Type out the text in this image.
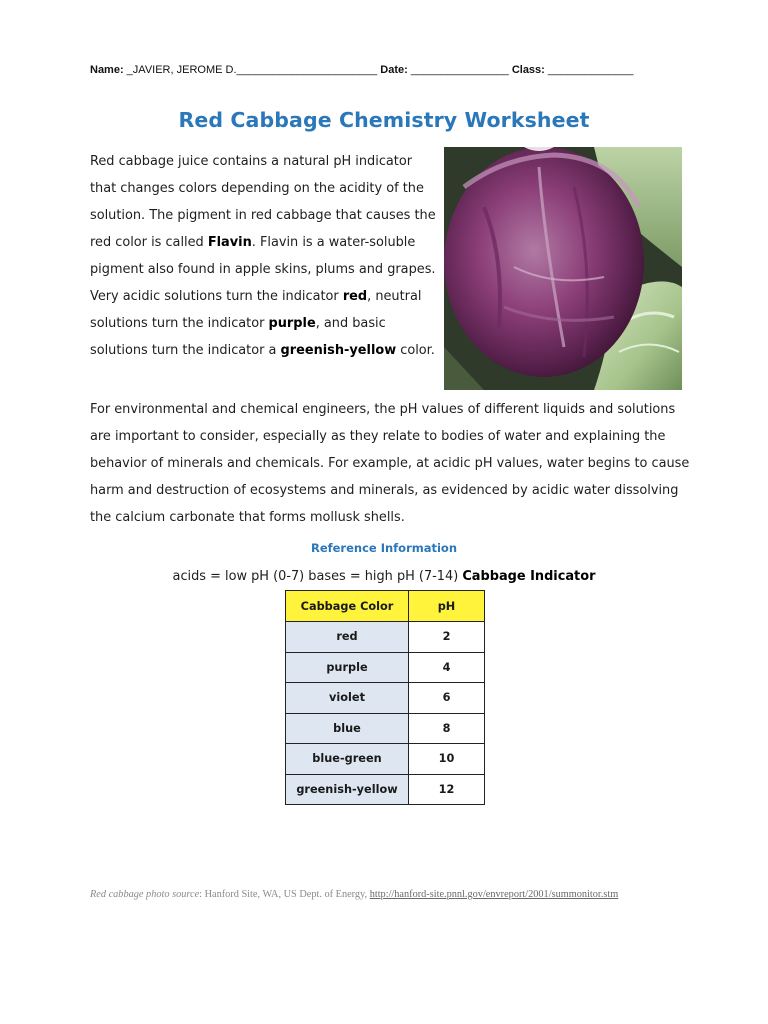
Name: _JAVIER, JEROME D._______________________ Date: ________________ Class: ______________
Red Cabbage Chemistry Worksheet
Red cabbage juice contains a natural pH indicator that changes colors depending on the acidity of the solution. The pigment in red cabbage that causes the red color is called Flavin. Flavin is a water-soluble pigment also found in apple skins, plums and grapes. Very acidic solutions turn the indicator red, neutral solutions turn the indicator purple, and basic solutions turn the indicator a greenish-yellow color.
For environmental and chemical engineers, the pH values of different liquids and solutions are important to consider, especially as they relate to bodies of water and explaining the behavior of minerals and chemicals. For example, at acidic pH values, water begins to cause harm and destruction of ecosystems and minerals, as evidenced by acidic water dissolving the calcium carbonate that forms mollusk shells.
Reference Information
acids = low pH (0-7) bases = high pH (7-14) Cabbage Indicator
Cabbage Color	pH
red	2
purple	4
violet	6
blue	8
blue-green	10
greenish-yellow	12
Red cabbage photo source: Hanford Site, WA, US Dept. of Energy, http://hanford-site.pnnl.gov/envreport/2001/summonitor.stm
